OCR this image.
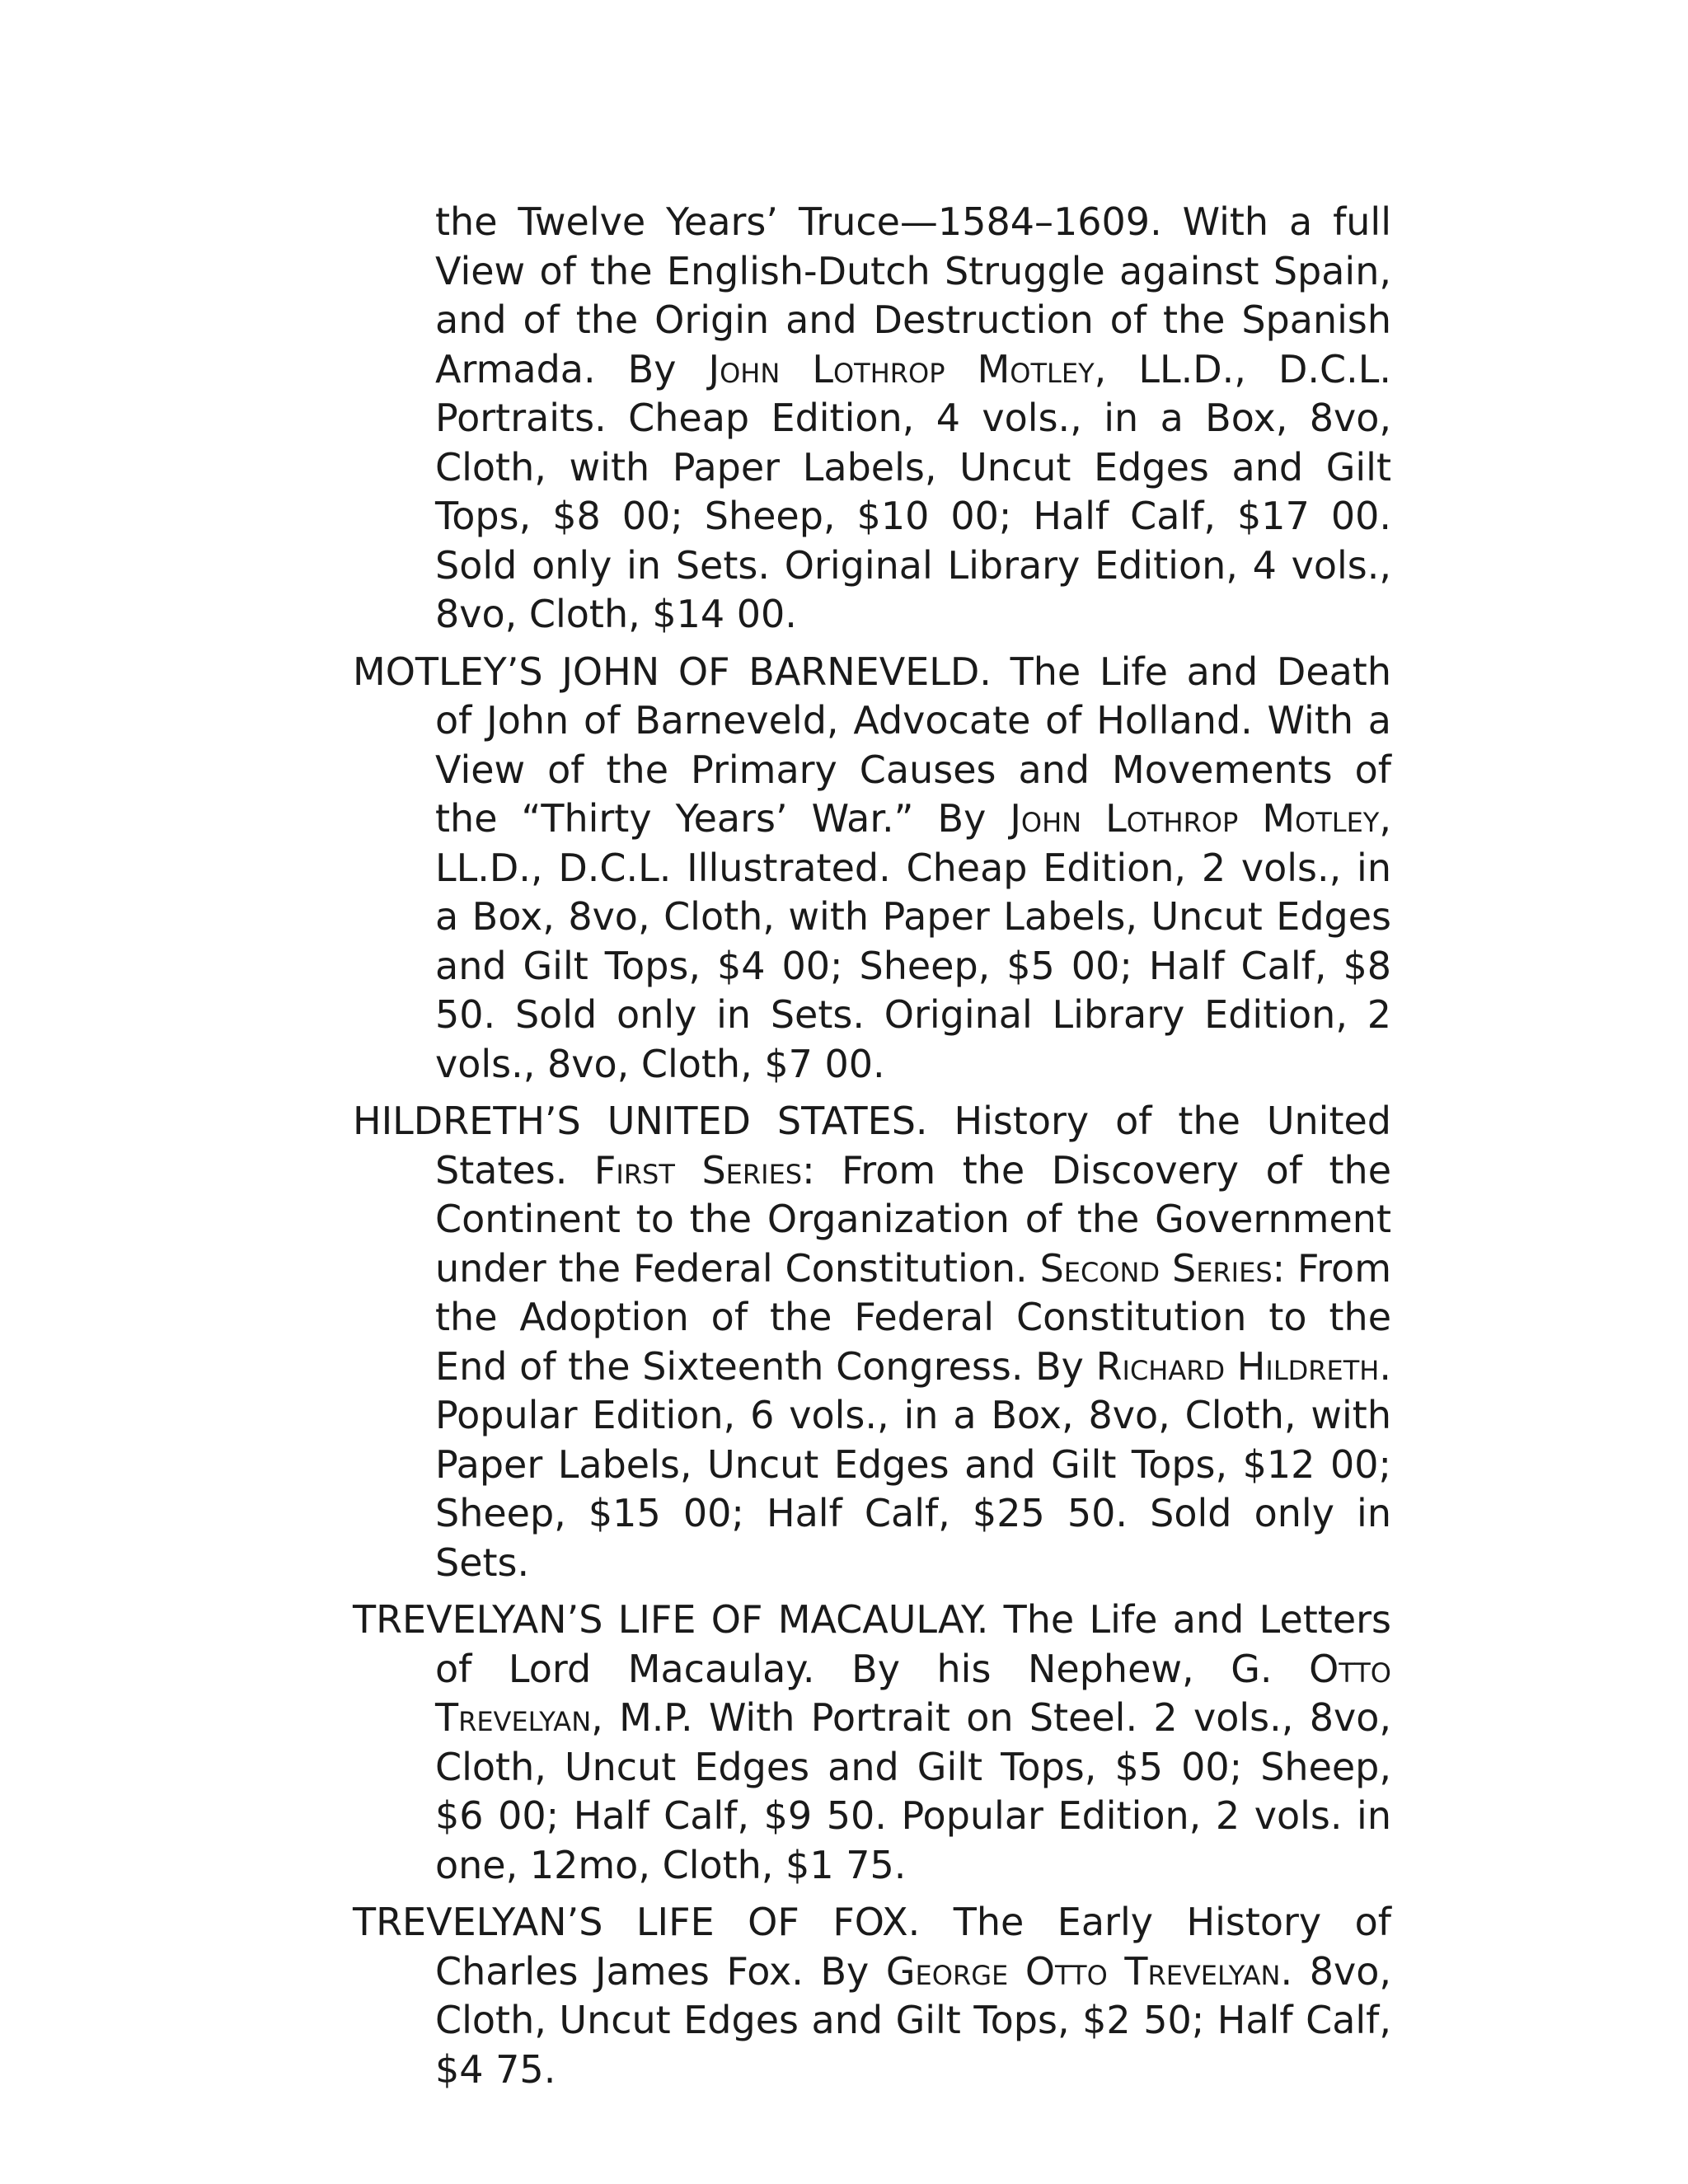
the Twelve Years’ Truce—1584–1609. With a full View of the English-Dutch Struggle against Spain, and of the Origin and Destruction of the Spanish Armada. By John Lothrop Motley, LL.D., D.C.L. Portraits. Cheap Edition, 4 vols., in a Box, 8vo, Cloth, with Paper Labels, Uncut Edges and Gilt Tops, $8 00; Sheep, $10 00; Half Calf, $17 00. Sold only in Sets. Original Library Edition, 4 vols., 8vo, Cloth, $14 00.

MOTLEY’S JOHN OF BARNEVELD. The Life and Death of John of Barneveld, Advocate of Holland. With a View of the Primary Causes and Movements of the “Thirty Years’ War.” By John Lothrop Motley, LL.D., D.C.L. Illustrated. Cheap Edition, 2 vols., in a Box, 8vo, Cloth, with Paper Labels, Uncut Edges and Gilt Tops, $4 00; Sheep, $5 00; Half Calf, $8 50. Sold only in Sets. Original Library Edition, 2 vols., 8vo, Cloth, $7 00.

HILDRETH’S UNITED STATES. History of the United States. First Series: From the Discovery of the Continent to the Organization of the Government under the Federal Constitution. Second Series: From the Adoption of the Federal Constitution to the End of the Sixteenth Congress. By Richard Hildreth. Popular Edition, 6 vols., in a Box, 8vo, Cloth, with Paper Labels, Uncut Edges and Gilt Tops, $12 00; Sheep, $15 00; Half Calf, $25 50. Sold only in Sets.

TREVELYAN’S LIFE OF MACAULAY. The Life and Letters of Lord Macaulay. By his Nephew, G. Otto Trevelyan, M.P. With Portrait on Steel. 2 vols., 8vo, Cloth, Uncut Edges and Gilt Tops, $5 00; Sheep, $6 00; Half Calf, $9 50. Popular Edition, 2 vols. in one, 12mo, Cloth, $1 75.

TREVELYAN’S LIFE OF FOX. The Early History of Charles James Fox. By George Otto Trevelyan. 8vo, Cloth, Uncut Edges and Gilt Tops, $2 50; Half Calf, $4 75.
